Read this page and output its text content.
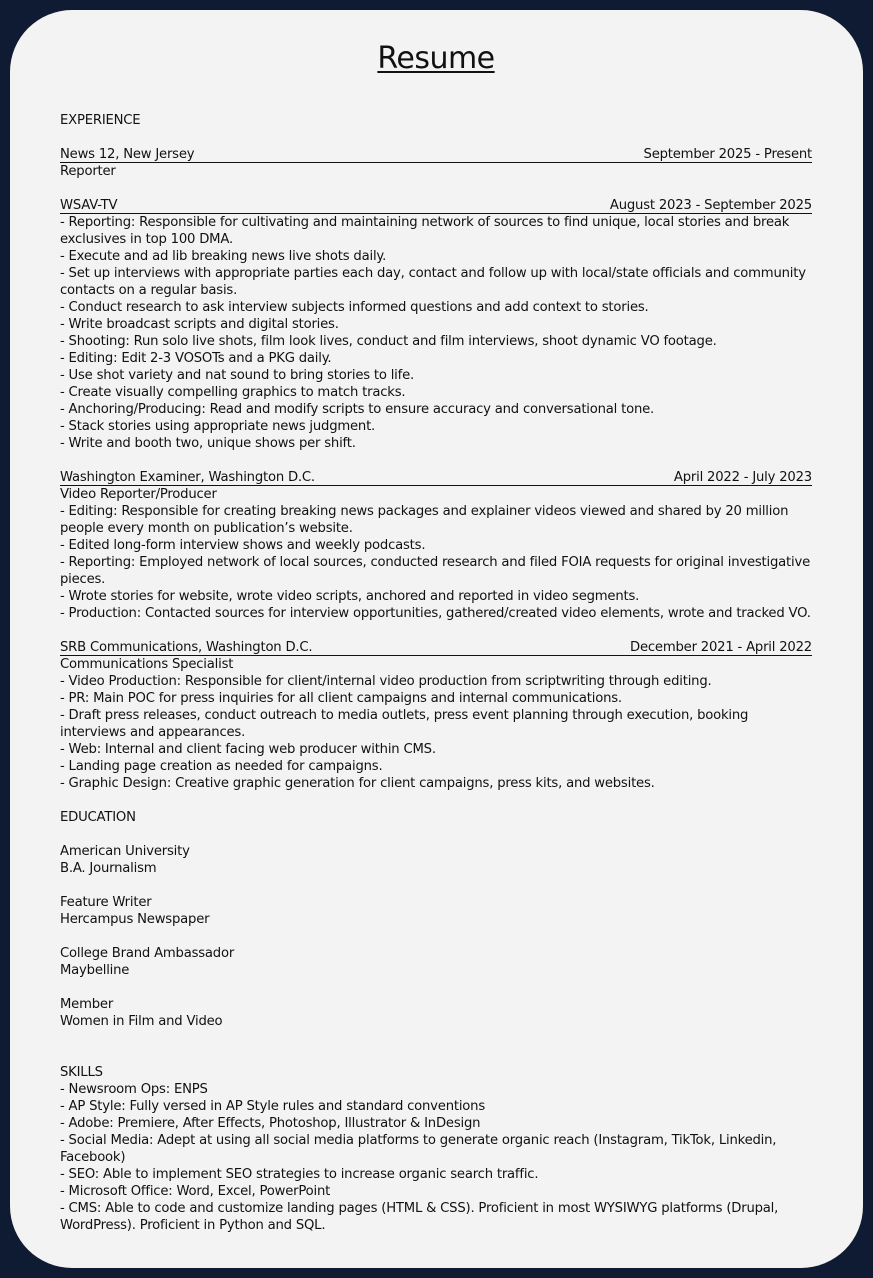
Resume
EXPERIENCE
News 12, New Jersey	September 2025 - Present
Reporter
WSAV-TV	August 2023 - September 2025
- Reporting: Responsible for cultivating and maintaining network of sources to find unique, local stories and break exclusives in top 100 DMA.
- Execute and ad lib breaking news live shots daily.
- Set up interviews with appropriate parties each day, contact and follow up with local/state officials and community contacts on a regular basis.
- Conduct research to ask interview subjects informed questions and add context to stories.
- Write broadcast scripts and digital stories.
- Shooting: Run solo live shots, film look lives, conduct and film interviews, shoot dynamic VO footage.
- Editing: Edit 2-3 VOSOTs and a PKG daily.
- Use shot variety and nat sound to bring stories to life.
- Create visually compelling graphics to match tracks.
- Anchoring/Producing: Read and modify scripts to ensure accuracy and conversational tone.
- Stack stories using appropriate news judgment.
- Write and booth two, unique shows per shift.
Washington Examiner, Washington D.C.	April 2022 - July 2023
Video Reporter/Producer
- Editing: Responsible for creating breaking news packages and explainer videos viewed and shared by 20 million people every month on publication’s website.
- Edited long-form interview shows and weekly podcasts.
- Reporting: Employed network of local sources, conducted research and filed FOIA requests for original investigative pieces.
- Wrote stories for website, wrote video scripts, anchored and reported in video segments.
- Production: Contacted sources for interview opportunities, gathered/created video elements, wrote and tracked VO.
SRB Communications, Washington D.C.	December 2021 - April 2022
Communications Specialist
- Video Production: Responsible for client/internal video production from scriptwriting through editing.
- PR: Main POC for press inquiries for all client campaigns and internal communications.
- Draft press releases, conduct outreach to media outlets, press event planning through execution, booking interviews and appearances.
- Web: Internal and client facing web producer within CMS.
- Landing page creation as needed for campaigns.
- Graphic Design: Creative graphic generation for client campaigns, press kits, and websites.
EDUCATION
American University
B.A. Journalism
Feature Writer
Hercampus Newspaper
College Brand Ambassador
Maybelline
Member
Women in Film and Video
SKILLS
- Newsroom Ops: ENPS
- AP Style: Fully versed in AP Style rules and standard conventions
- Adobe: Premiere, After Effects, Photoshop, Illustrator & InDesign
- Social Media: Adept at using all social media platforms to generate organic reach (Instagram, TikTok, Linkedin, Facebook)
- SEO: Able to implement SEO strategies to increase organic search traffic.
- Microsoft Office: Word, Excel, PowerPoint
- CMS: Able to code and customize landing pages (HTML & CSS). Proficient in most WYSIWYG platforms (Drupal, WordPress). Proficient in Python and SQL.
